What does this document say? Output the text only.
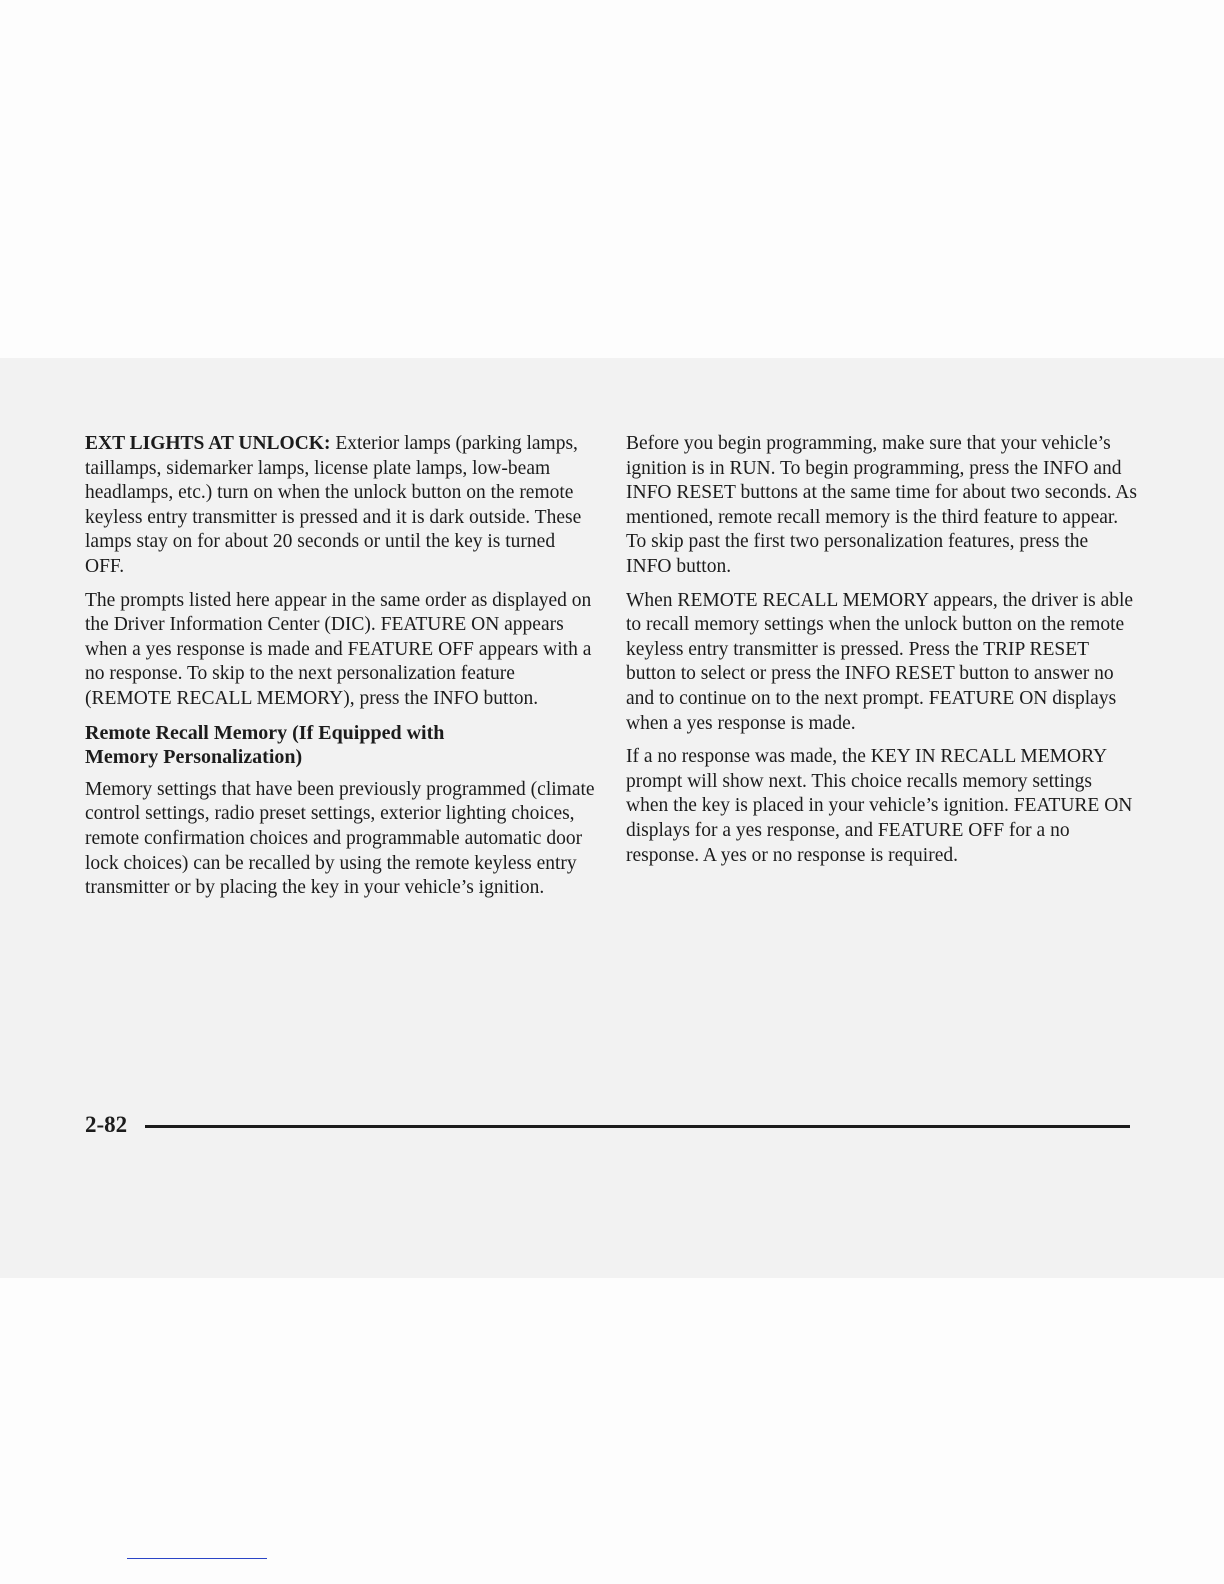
EXT LIGHTS AT UNLOCK: Exterior lamps (parking lamps, taillamps, sidemarker lamps, license plate lamps, low-beam headlamps, etc.) turn on when the unlock button on the remote keyless entry transmitter is pressed and it is dark outside. These lamps stay on for about 20 seconds or until the key is turned OFF.

The prompts listed here appear in the same order as displayed on the Driver Information Center (DIC). FEATURE ON appears when a yes response is made and FEATURE OFF appears with a no response. To skip to the next personalization feature (REMOTE RECALL MEMORY), press the INFO button.

Remote Recall Memory (If Equipped with Memory Personalization)

Memory settings that have been previously programmed (climate control settings, radio preset settings, exterior lighting choices, remote confirmation choices and programmable automatic door lock choices) can be recalled by using the remote keyless entry transmitter or by placing the key in your vehicle’s ignition.

Before you begin programming, make sure that your vehicle’s ignition is in RUN. To begin programming, press the INFO and INFO RESET buttons at the same time for about two seconds. As mentioned, remote recall memory is the third feature to appear. To skip past the first two personalization features, press the INFO button.

When REMOTE RECALL MEMORY appears, the driver is able to recall memory settings when the unlock button on the remote keyless entry transmitter is pressed. Press the TRIP RESET button to select or press the INFO RESET button to answer no and to continue on to the next prompt. FEATURE ON displays when a yes response is made.

If a no response was made, the KEY IN RECALL MEMORY prompt will show next. This choice recalls memory settings when the key is placed in your vehicle’s ignition. FEATURE ON displays for a yes response, and FEATURE OFF for a no response. A yes or no response is required.

2-82
